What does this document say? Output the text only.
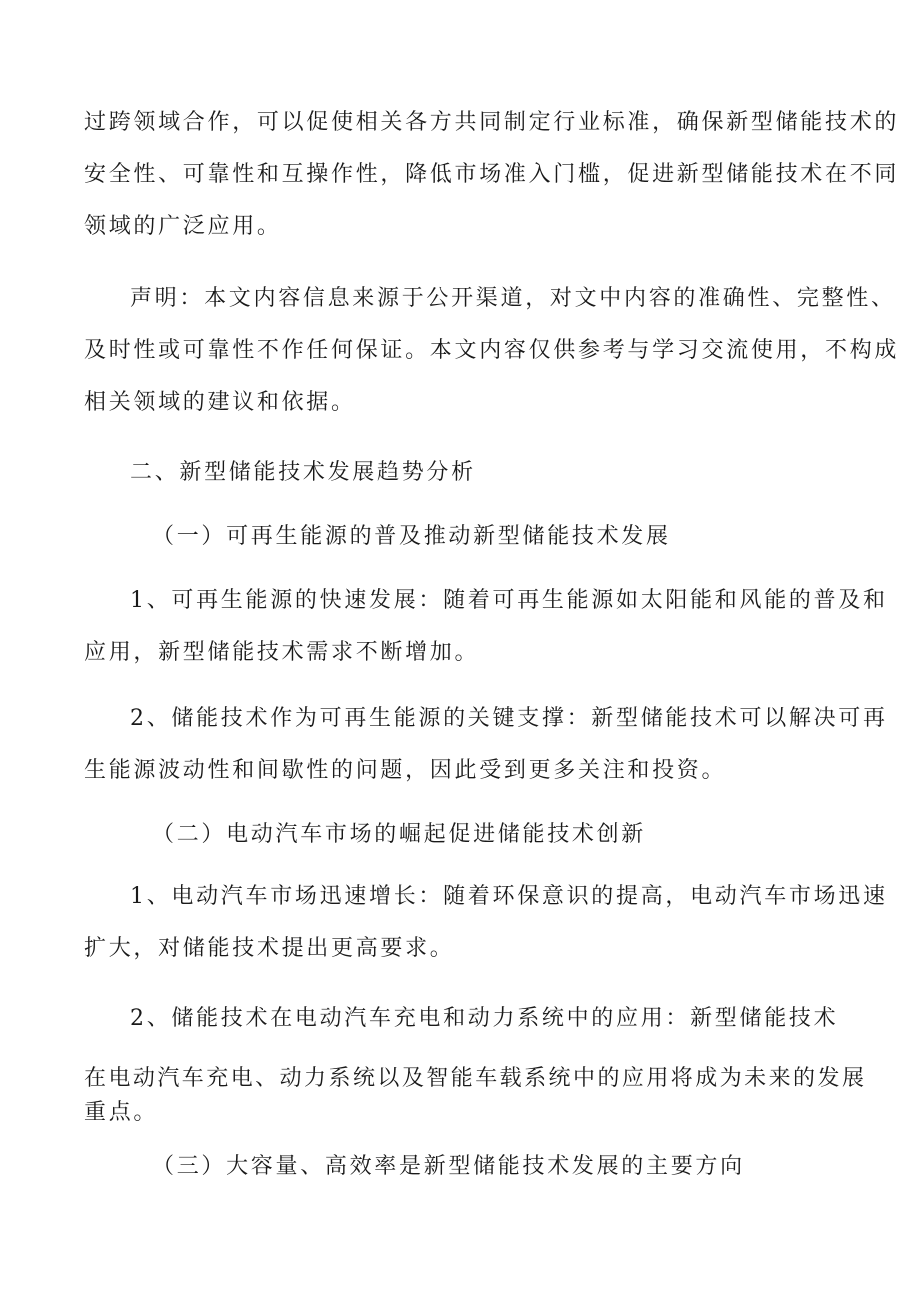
过跨领域合作，可以促使相关各方共同制定行业标准，确保新型储能技术的
安全性、可靠性和互操作性，降低市场准入门槛，促进新型储能技术在不同
领域的广泛应用。
声明：本文内容信息来源于公开渠道，对文中内容的准确性、完整性、
及时性或可靠性不作任何保证。本文内容仅供参考与学习交流使用，不构成
相关领域的建议和依据。
二、新型储能技术发展趋势分析
（一）可再生能源的普及推动新型储能技术发展
1、可再生能源的快速发展：随着可再生能源如太阳能和风能的普及和
应用，新型储能技术需求不断增加。
2、储能技术作为可再生能源的关键支撑：新型储能技术可以解决可再
生能源波动性和间歇性的问题，因此受到更多关注和投资。
（二）电动汽车市场的崛起促进储能技术创新
1、电动汽车市场迅速增长：随着环保意识的提高，电动汽车市场迅速
扩大，对储能技术提出更高要求。
2、储能技术在电动汽车充电和动力系统中的应用：新型储能技术
在电动汽车充电、动力系统以及智能车载系统中的应用将成为未来的发展
重点。
（三）大容量、高效率是新型储能技术发展的主要方向
